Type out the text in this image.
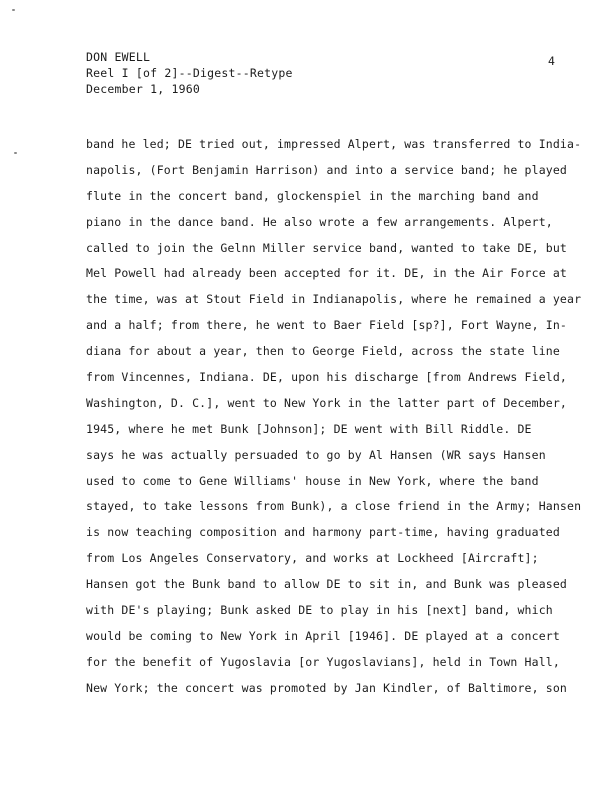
DON EWELL
Reel I [of 2]--Digest--Retype
December 1, 1960
4
band he led; DE tried out, impressed Alpert, was transferred to India-
napolis, (Fort Benjamin Harrison) and into a service band; he played
flute in the concert band, glockenspiel in the marching band and
piano in the dance band. He also wrote a few arrangements. Alpert,
called to join the Gelnn Miller service band, wanted to take DE, but
Mel Powell had already been accepted for it. DE, in the Air Force at
the time, was at Stout Field in Indianapolis, where he remained a year
and a half; from there, he went to Baer Field [sp?], Fort Wayne, In-
diana for about a year, then to George Field, across the state line
from Vincennes, Indiana. DE, upon his discharge [from Andrews Field,
Washington, D. C.], went to New York in the latter part of December,
1945, where he met Bunk [Johnson]; DE went with Bill Riddle. DE
says he was actually persuaded to go by Al Hansen (WR says Hansen
used to come to Gene Williams' house in New York, where the band
stayed, to take lessons from Bunk), a close friend in the Army; Hansen
is now teaching composition and harmony part-time, having graduated
from Los Angeles Conservatory, and works at Lockheed [Aircraft];
Hansen got the Bunk band to allow DE to sit in, and Bunk was pleased
with DE's playing; Bunk asked DE to play in his [next] band, which
would be coming to New York in April [1946]. DE played at a concert
for the benefit of Yugoslavia [or Yugoslavians], held in Town Hall,
New York; the concert was promoted by Jan Kindler, of Baltimore, son
